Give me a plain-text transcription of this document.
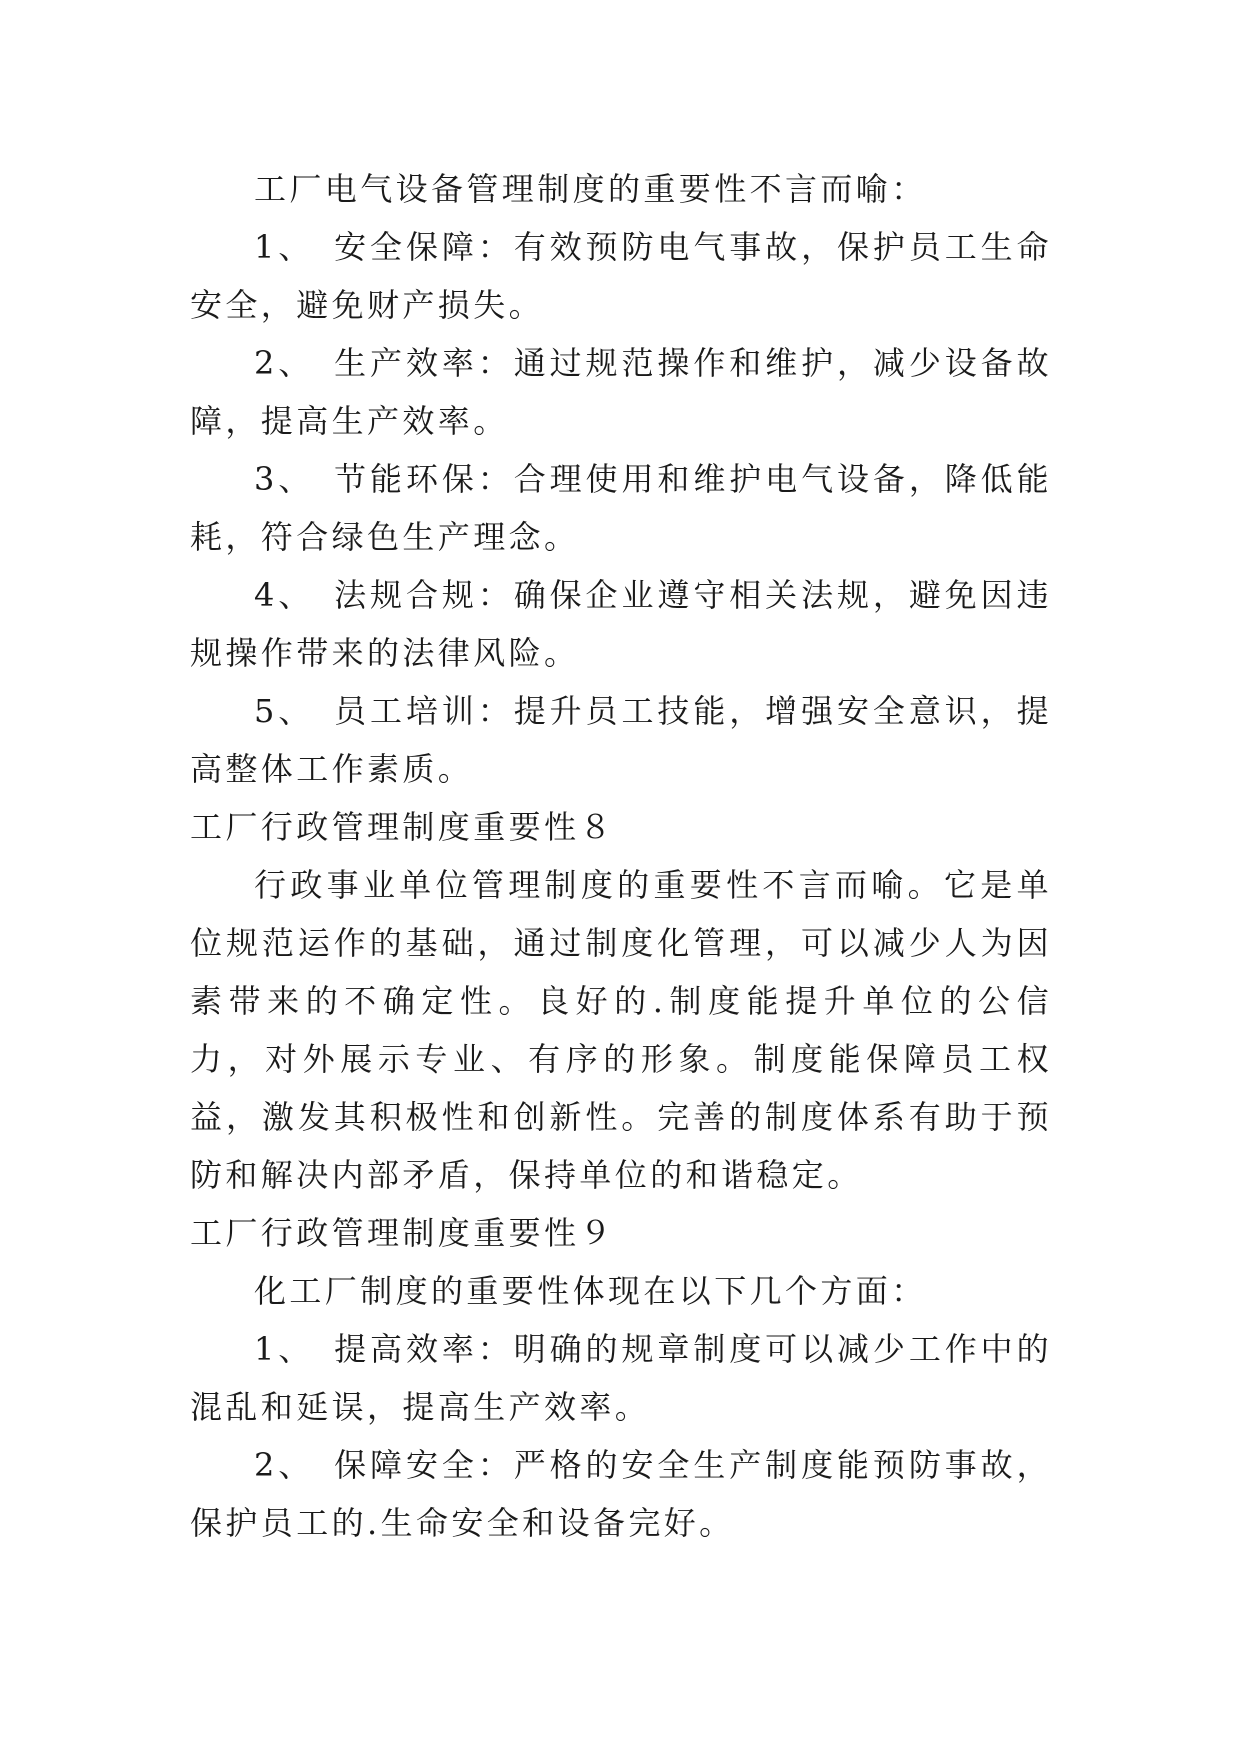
工厂电气设备管理制度的重要性不言而喻：

1、  安全保障：有效预防电气事故，保护员工生命安全，避免财产损失。

2、  生产效率：通过规范操作和维护，减少设备故障，提高生产效率。

3、  节能环保：合理使用和维护电气设备，降低能耗，符合绿色生产理念。

4、  法规合规：确保企业遵守相关法规，避免因违规操作带来的法律风险。

5、  员工培训：提升员工技能，增强安全意识，提高整体工作素质。

工厂行政管理制度重要性８

行政事业单位管理制度的重要性不言而喻。它是单位规范运作的基础，通过制度化管理，可以减少人为因素带来的不确定性。良好的.制度能提升单位的公信力，对外展示专业、有序的形象。制度能保障员工权益，激发其积极性和创新性。完善的制度体系有助于预防和解决内部矛盾，保持单位的和谐稳定。

工厂行政管理制度重要性９

化工厂制度的重要性体现在以下几个方面：

1、  提高效率：明确的规章制度可以减少工作中的混乱和延误，提高生产效率。

2、  保障安全：严格的安全生产制度能预防事故，保护员工的.生命安全和设备完好。
